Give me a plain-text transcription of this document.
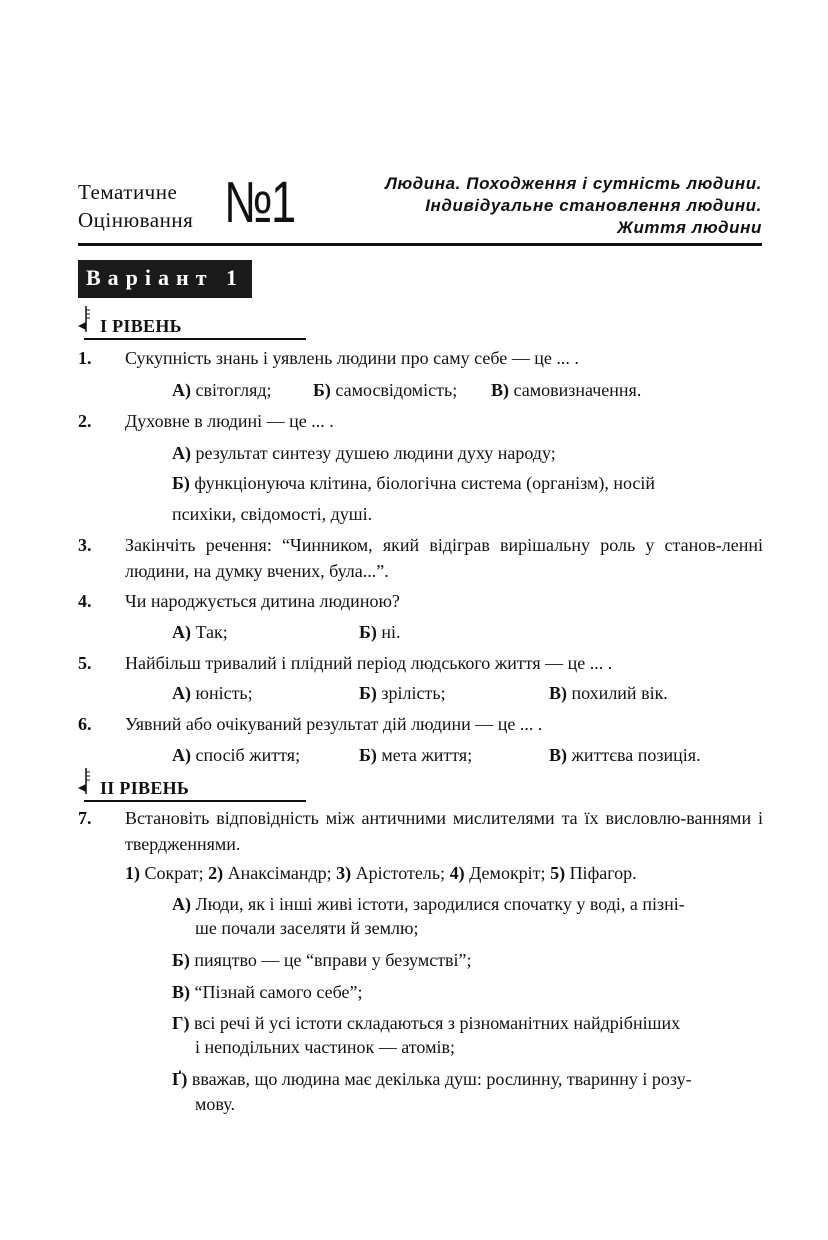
Тематичне
Оцінювання №1	Людина. Походження і сутність людини.
Індивідуальне становлення людини.
Життя людини
Варіант 1
І РІВЕНЬ
1. Сукупність знань і уявлень людини про саму себе — це ... .
А) світогляд; Б) самосвідомість; В) самовизначення.
2. Духовне в людині — це ... .
А) результат синтезу душею людини духу народу;
Б) функціонуюча клітина, біологічна система (організм), носій
психіки, свідомості, душі.
3. Закінчіть речення: “Чинником, який відіграв вирішальну роль у станов-ленні людини, на думку вчених, була...”.
4. Чи народжується дитина людиною?
А) Так;	Б) ні.
5. Найбільш тривалий і плідний період людського життя — це ... .
А) юність;	Б) зрілість;	В) похилий вік.
6. Уявний або очікуваний результат дій людини — це ... .
А) спосіб життя;	Б) мета життя;	В) життєва позиція.
ІІ РІВЕНЬ
7. Встановіть відповідність між античними мислителями та їх висловлю-ваннями і твердженнями.
1) Сократ; 2) Анаксімандр; 3) Арістотель; 4) Демокріт; 5) Піфагор.
А) Люди, як і інші живі істоти, зародилися спочатку у воді, а пізні-
ше почали заселяти й землю;
Б) пияцтво — це “вправи у безумстві”;
В) “Пізнай самого себе”;
Г) всі речі й усі істоти складаються з різноманітних найдрібніших
і неподільних частинок — атомів;
Ґ) вважав, що людина має декілька душ: рослинну, тваринну і розу-
мову.
